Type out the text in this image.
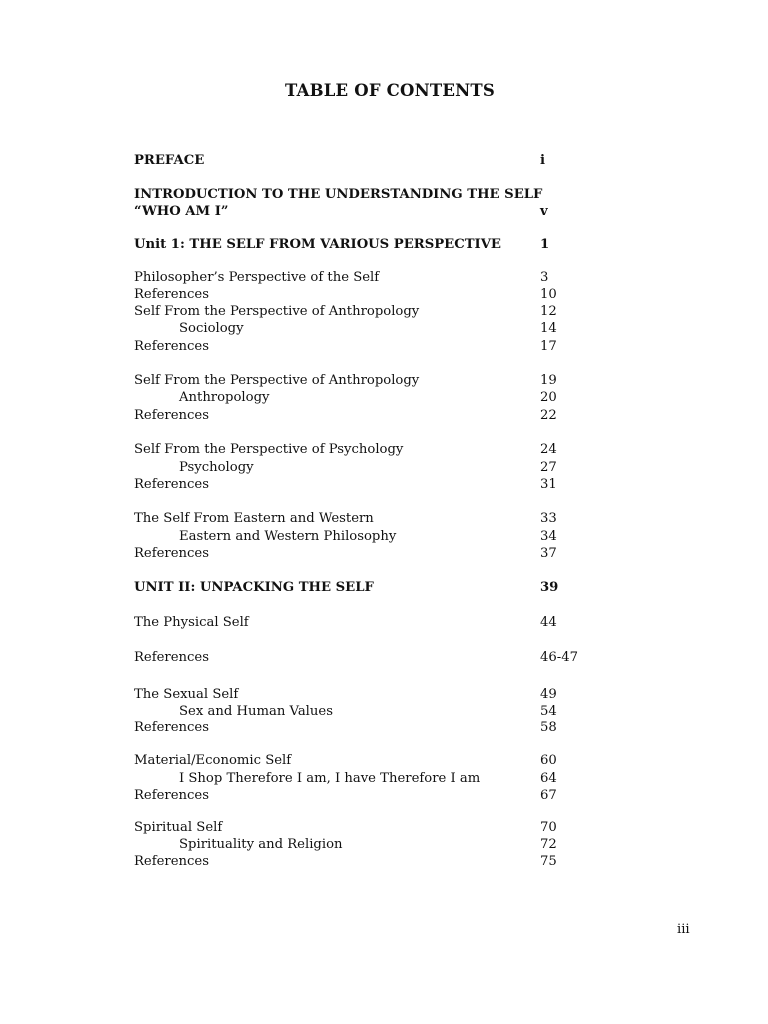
TABLE OF CONTENTS
PREFACE	i
INTRODUCTION TO THE UNDERSTANDING THE SELF
“WHO AM I”	v
Unit 1: THE SELF FROM VARIOUS PERSPECTIVE	1
Philosopher’s Perspective of the Self	3
References	10
Self From the Perspective of Anthropology	12
Sociology	14
References	17
Self From the Perspective of Anthropology	19
Anthropology	20
References	22
Self From the Perspective of Psychology	24
Psychology	27
References	31
The Self From Eastern and Western	33
Eastern and Western Philosophy	34
References	37
UNIT II: UNPACKING THE SELF	39
The Physical Self	44
References	46-47
The Sexual Self	49
Sex and Human Values	54
References	58
Material/Economic Self	60
I Shop Therefore I am, I have Therefore I am	64
References	67
Spiritual Self	70
Spirituality and Religion	72
References	75
iii
